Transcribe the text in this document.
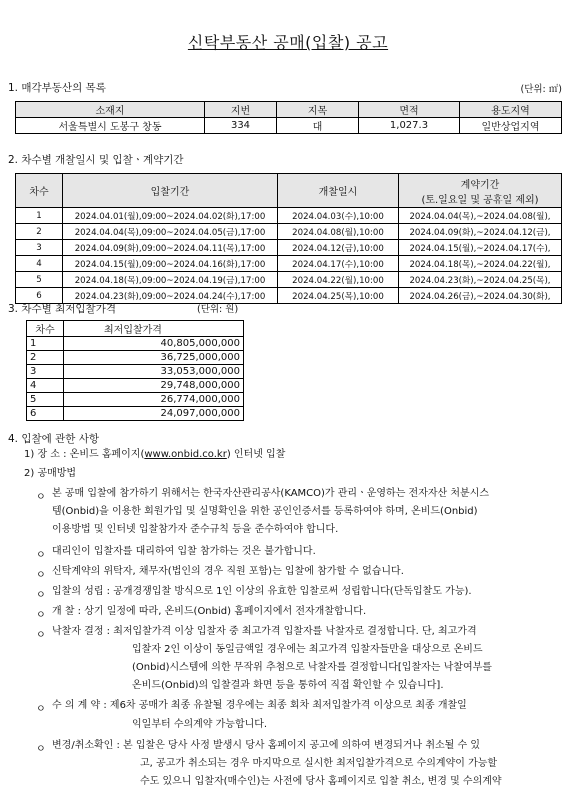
신탁부동산 공매(입찰) 공고
1. 매각부동산의 목록	(단위: ㎡)
소재지	지번	지목	면적	용도지역
서울특별시 도봉구 창동	334	대	1,027.3	일반상업지역
2. 차수별 개찰일시 및 입찰ㆍ계약기간
차수	입찰기간	개찰일시	계약기간
(토.일요일 및 공휴일 제외)

1	2024.04.01(월),09:00~2024.04.02(화),17:00	2024.04.03(수),10:00	2024.04.04(목),~2024.04.08(월),
2	2024.04.04(목),09:00~2024.04.05(금),17:00	2024.04.08(월),10:00	2024.04.09(화),~2024.04.12(금),
3	2024.04.09(화),09:00~2024.04.11(목),17:00	2024.04.12(금),10:00	2024.04.15(월),~2024.04.17(수),
4	2024.04.15(월),09:00~2024.04.16(화),17:00	2024.04.17(수),10:00	2024.04.18(목),~2024.04.22(월),
5	2024.04.18(목),09:00~2024.04.19(금),17:00	2024.04.22(월),10:00	2024.04.23(화),~2024.04.25(목),
6	2024.04.23(화),09:00~2024.04.24(수),17:00	2024.04.25(목),10:00	2024.04.26(금),~2024.04.30(화),
3. 차수별 최저입찰가격	(단위: 원)
차수	최저입찰가격
1	40,805,000,000
2	36,725,000,000
3	33,053,000,000
4	29,748,000,000
5	26,774,000,000
6	24,097,000,000
4. 입찰에 관한 사항
1) 장 소 : 온비드 홈페이지(www.onbid.co.kr) 인터넷 입찰
2) 공매방법
ㅇ 본 공매 입찰에 참가하기 위해서는 한국자산관리공사(KAMCO)가 관리ㆍ운영하는 전자자산 처분시스
템(Onbid)을 이용한 회원가입 및 실명확인을 위한 공인인증서를 등록하여야 하며, 온비드(Onbid)
이용방법 및 인터넷 입찰참가자 준수규칙 등을 준수하여야 합니다.
ㅇ 대리인이 입찰자를 대리하여 입찰 참가하는 것은 불가합니다.
ㅇ 신탁계약의 위탁자, 채무자(법인의 경우 직원 포함)는 입찰에 참가할 수 없습니다.
ㅇ 입찰의 성립 : 공개경쟁입찰 방식으로 1인 이상의 유효한 입찰로써 성립합니다(단독입찰도 가능).
ㅇ 개 찰 : 상기 일정에 따라, 온비드(Onbid) 홈페이지에서 전자개찰합니다.
ㅇ 낙찰자 결정 : 최저입찰가격 이상 입찰자 중 최고가격 입찰자를 낙찰자로 결정합니다. 단, 최고가격
입찰자 2인 이상이 동일금액일 경우에는 최고가격 입찰자들만을 대상으로 온비드
(Onbid)시스템에 의한 무작위 추첨으로 낙찰자를 결정합니다[입찰자는 낙찰여부를
온비드(Onbid)의 입찰결과 화면 등을 통하여 직접 확인할 수 있습니다].
ㅇ 수 의 계 약 : 제6차 공매가 최종 유찰될 경우에는 최종 회차 최저입찰가격 이상으로 최종 개찰일
익일부터 수의계약 가능합니다.
ㅇ 변경/취소확인 : 본 입찰은 당사 사정 발생시 당사 홈페이지 공고에 의하여 변경되거나 취소될 수 있
고, 공고가 취소되는 경우 마지막으로 실시한 최저입찰가격으로 수의계약이 가능할
수도 있으니 입찰자(매수인)는 사전에 당사 홈페이지로 입찰 취소, 변경 및 수의계약
